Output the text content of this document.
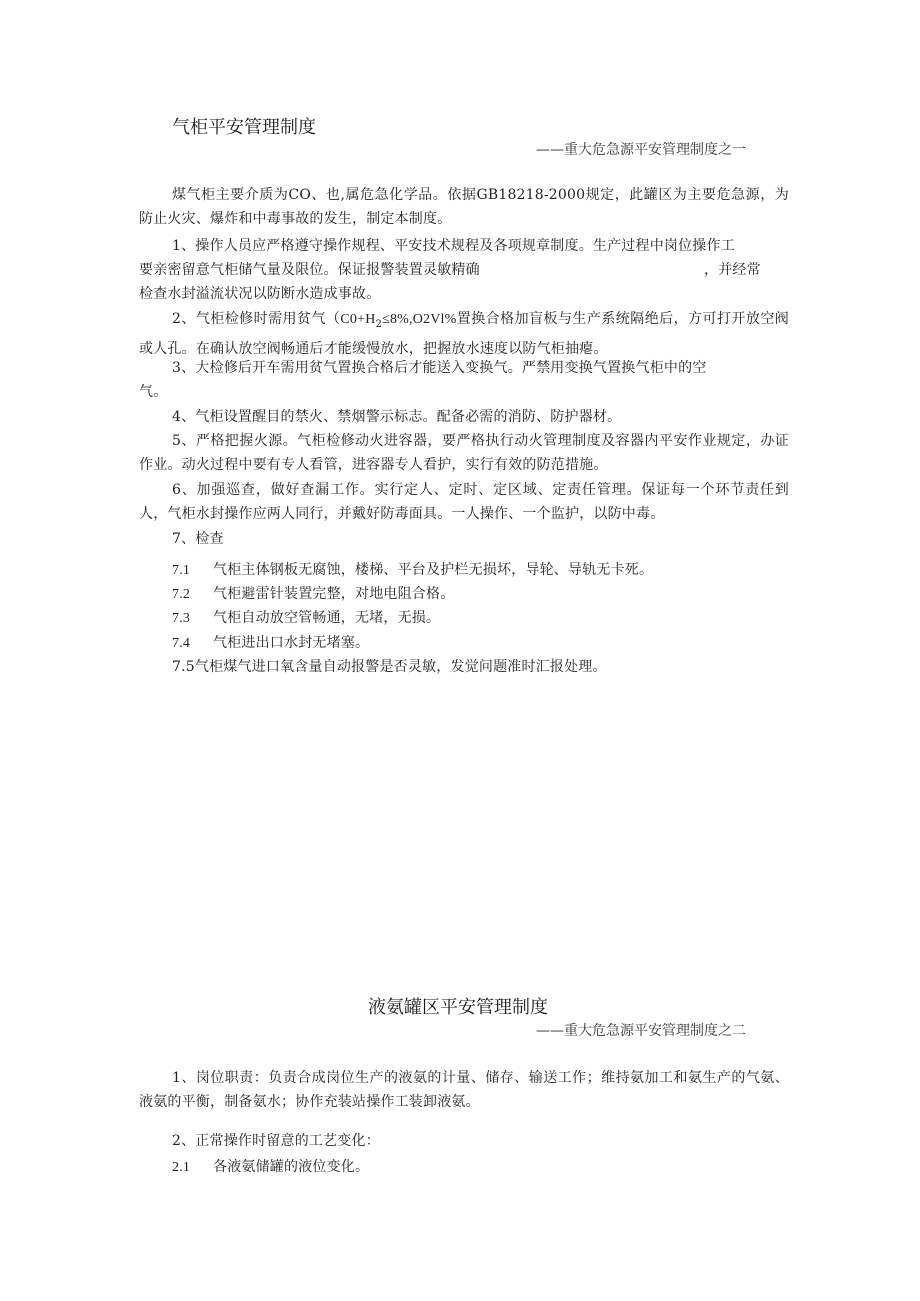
气柜平安管理制度
——重大危急源平安管理制度之一

煤气柜主要介质为CO、也,属危急化学品。依据GB18218-2000规定，此罐区为主要危急源，为防止火灾、爆炸和中毒事故的发生，制定本制度。

1、操作人员应严格遵守操作规程、平安技术规程及各项规章制度。生产过程中岗位操作工
要亲密留意气柜储气量及限位。保证报警装置灵敏精确	，并经常
检查水封溢流状况以防断水造成事故。

2、气柜检修时需用贫气（$C0+H_2\le 8\%,O2Vl\%$置换合格加盲板与生产系统隔绝后，方可打开放空阀或人孔。在确认放空阀畅通后才能缓慢放水，把握放水速度以防气柜抽瘪。

3、大检修后开车需用贫气置换合格后才能送入变换气。严禁用变换气置换气柜中的空
气。
4、气柜设置醒目的禁火、禁烟警示标志。配备必需的消防、防护器材。

5、严格把握火源。气柜检修动火进容器，要严格执行动火管理制度及容器内平安作业规定，办证作业。动火过程中要有专人看管，进容器专人看护，实行有效的防范措施。

6、加强巡查，做好查漏工作。实行定人、定时、定区域、定责任管理。保证每一个环节责任到人，气柜水封操作应两人同行，并戴好防毒面具。一人操作、一个监护，以防中毒。

7、检查
7.1 气柜主体钢板无腐蚀，楼梯、平台及护栏无损坏，导轮、导轨无卡死。
7.2 气柜避雷针装置完整，对地电阻合格。
7.3 气柜自动放空管畅通，无堵，无损。
7.4 气柜进出口水封无堵塞。
7.5气柜煤气进口氧含量自动报警是否灵敏，发觉问题准时汇报处理。
液氨罐区平安管理制度
——重大危急源平安管理制度之二

1、岗位职责：负责合成岗位生产的液氨的计量、储存、输送工作；维持氨加工和氨生产的气氨、液氨的平衡，制备氨水；协作充装站操作工装卸液氨。

2、正常操作时留意的工艺变化：
2.1 各液氨储罐的液位变化。
